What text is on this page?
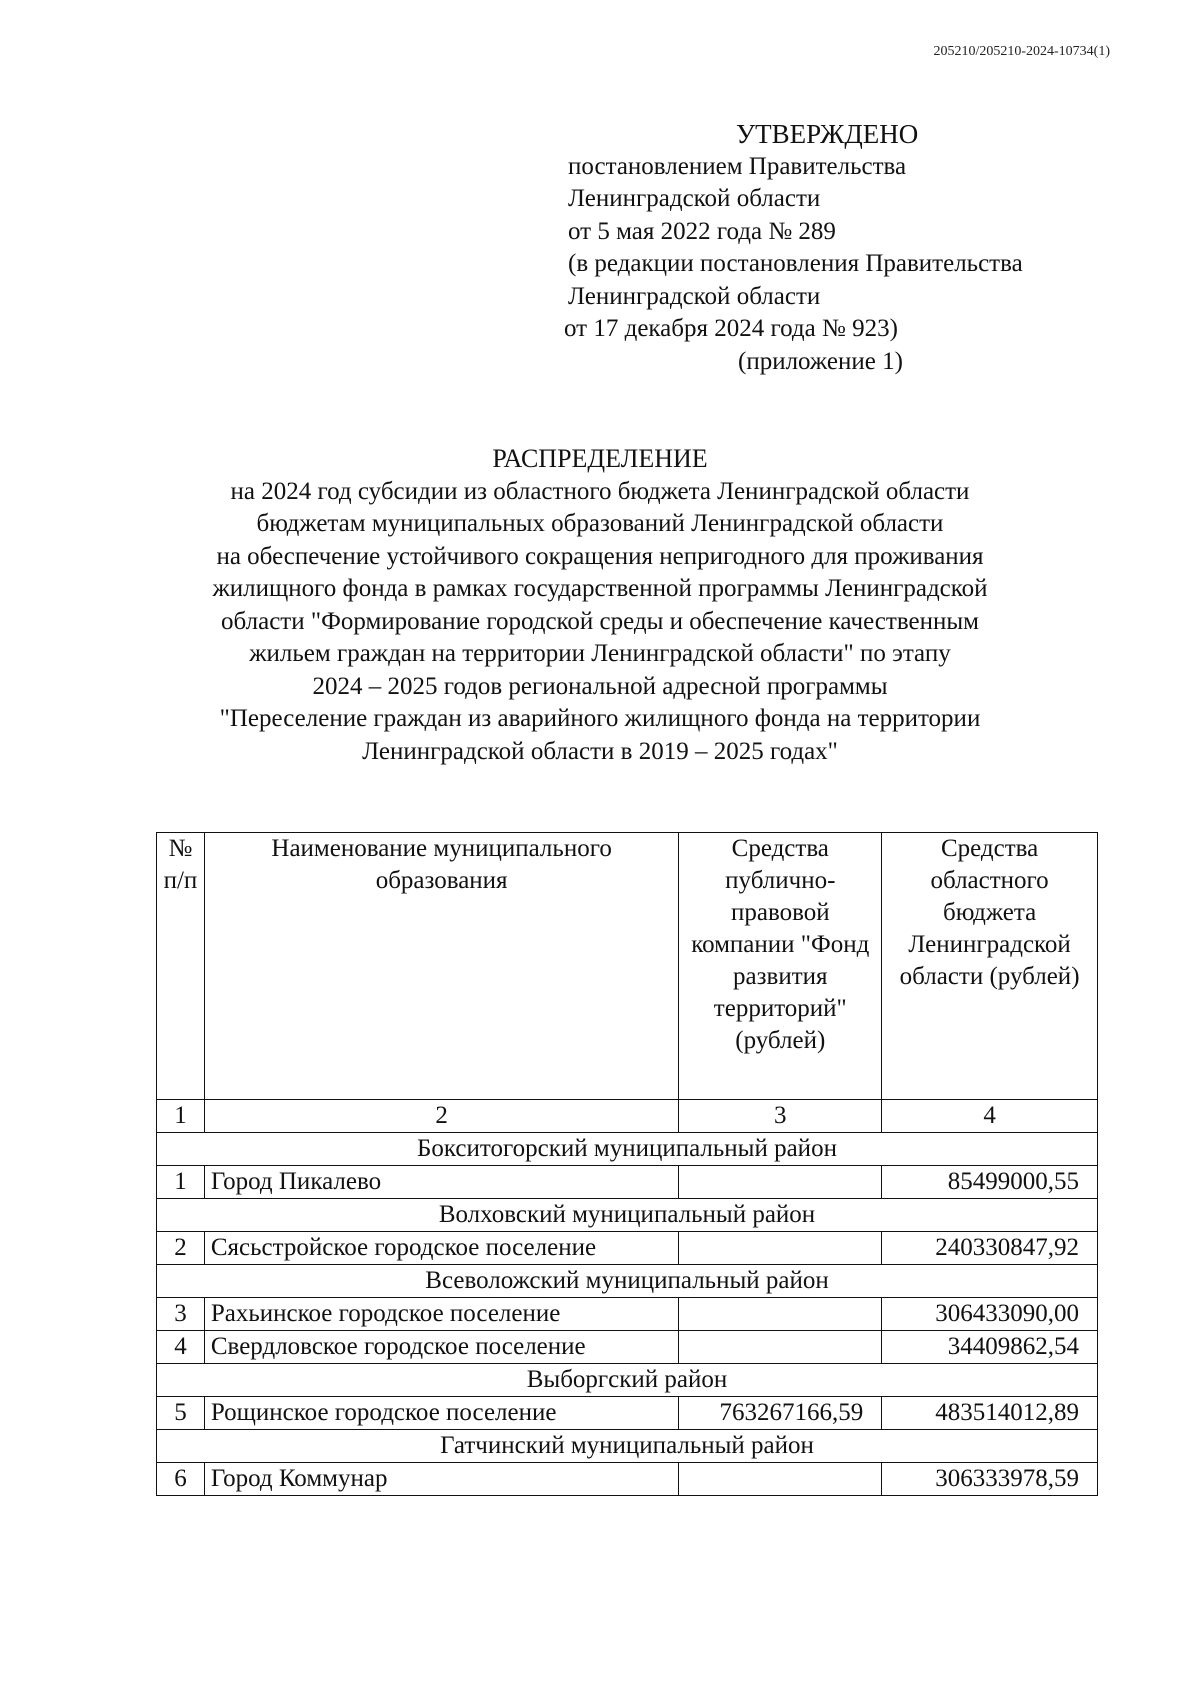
205210/205210-2024-10734(1)
УТВЕРЖДЕНО
постановлением Правительства
Ленинградской области
от 5 мая 2022 года № 289
(в редакции постановления Правительства
Ленинградской области
от 17 декабря 2024 года № 923)
(приложение 1)
РАСПРЕДЕЛЕНИЕ
на 2024 год субсидии из областного бюджета Ленинградской области
бюджетам муниципальных образований Ленинградской области
на обеспечение устойчивого сокращения непригодного для проживания
жилищного фонда в рамках государственной программы Ленинградской
области "Формирование городской среды и обеспечение качественным
жильем граждан на территории Ленинградской области" по этапу
2024 – 2025 годов региональной адресной программы
"Переселение граждан из аварийного жилищного фонда на территории
Ленинградской области в 2019 – 2025 годах"
№ п/п	Наименование муниципального образования	Средства публично-правовой компании "Фонд развития территорий" (рублей)	Средства областного бюджета Ленинградской области (рублей)
1	2	3	4
Бокситогорский муниципальный район			
1	Город Пикалево		85499000,55
Волховский муниципальный район			
2	Сясьстройское городское поселение		240330847,92
Всеволожский муниципальный район			
3	Рахьинское городское поселение		306433090,00
4	Свердловское городское поселение		34409862,54
Выборгский район			
5	Рощинское городское поселение	763267166,59	483514012,89
Гатчинский муниципальный район			
6	Город Коммунар		306333978,59
